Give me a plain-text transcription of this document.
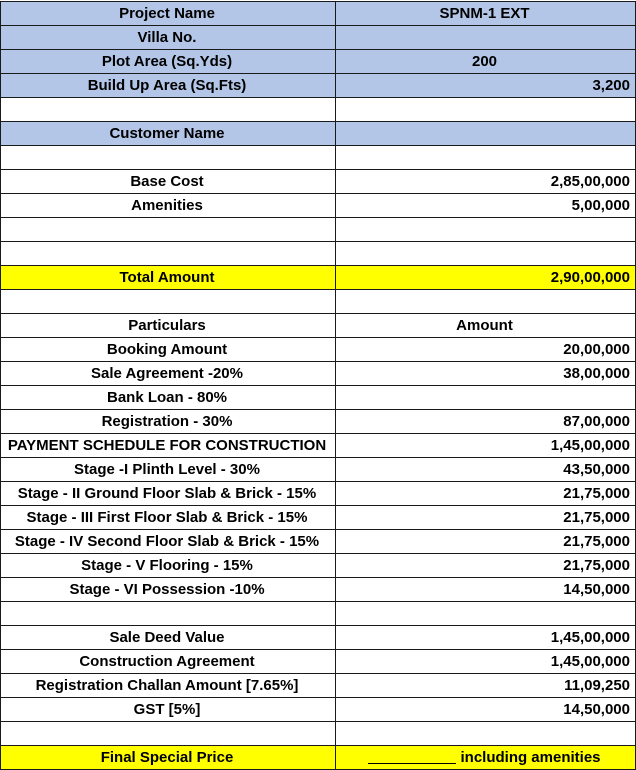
Project Name	SPNM-1 EXT
Villa No.	
Plot Area (Sq.Yds)	200
Build Up Area (Sq.Fts)	3,200

Customer Name	

Base Cost	2,85,00,000
Amenities	5,00,000

Total Amount	2,90,00,000

Particulars	Amount
Booking Amount	20,00,000
Sale Agreement -20%	38,00,000
Bank Loan - 80%	
Registration - 30%	87,00,000
PAYMENT SCHEDULE FOR CONSTRUCTION	1,45,00,000
Stage -I Plinth Level - 30%	43,50,000
Stage - II Ground Floor Slab & Brick - 15%	21,75,000
Stage - III First Floor Slab & Brick - 15%	21,75,000
Stage - IV Second Floor Slab & Brick - 15%	21,75,000
Stage - V Flooring - 15%	21,75,000
Stage - VI Possession -10%	14,50,000

Sale Deed Value	1,45,00,000
Construction Agreement	1,45,00,000
Registration Challan Amount [7.65%]	11,09,250
GST [5%]	14,50,000

Final Special Price	including amenities
